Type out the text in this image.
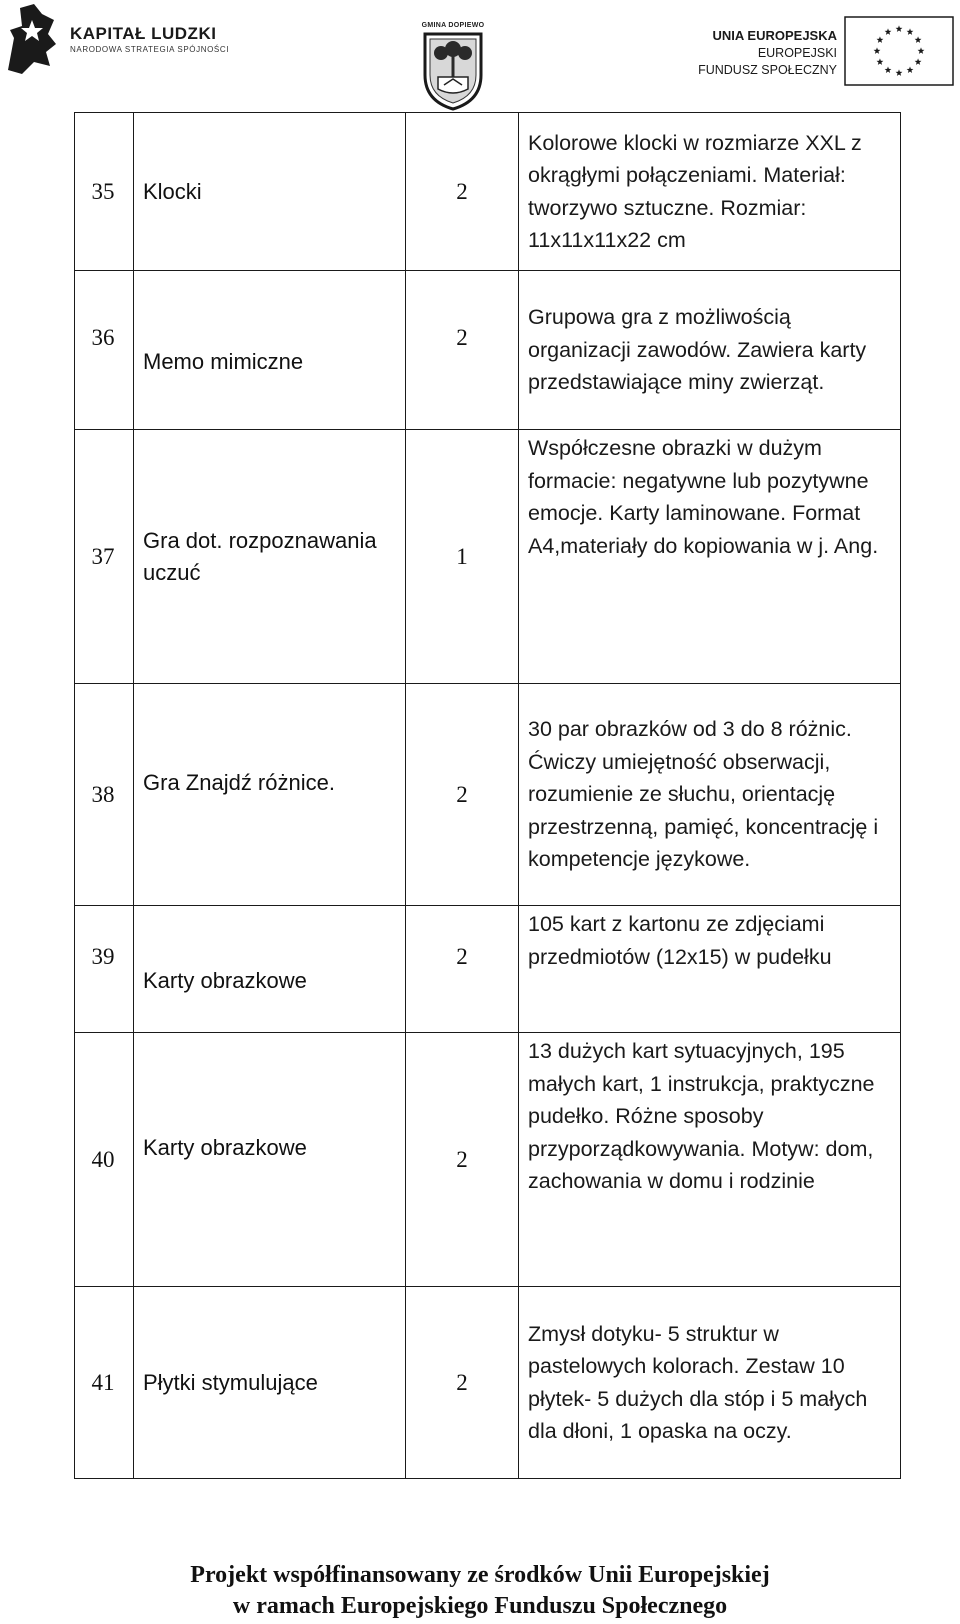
KAPITAŁ LUDZKI
NARODOWA STRATEGIA SPÓJNOŚCI
GMINA DOPIEWO
UNIA EUROPEJSKA
EUROPEJSKI
FUNDUSZ SPOŁECZNY
35	Klocki	2	Kolorowe klocki w rozmiarze XXL z okrągłymi połączeniami. Materiał: tworzywo sztuczne. Rozmiar: 11x11x11x22 cm
36	Memo mimiczne	2	Grupowa gra z możliwością organizacji zawodów. Zawiera karty przedstawiające miny zwierząt.
37	Gra dot. rozpoznawania uczuć	1	Współczesne obrazki w dużym formacie: negatywne lub pozytywne emocje. Karty laminowane. Format A4,materiały do kopiowania w j. Ang.
38	Gra Znajdź różnice.	2	30 par obrazków od 3 do 8 różnic. Ćwiczy umiejętność obserwacji, rozumienie ze słuchu, orientację przestrzenną, pamięć, koncentrację i kompetencje językowe.
39	Karty obrazkowe	2	105 kart z kartonu ze zdjęciami przedmiotów (12x15) w pudełku
40	Karty obrazkowe	2	13 dużych kart sytuacyjnych, 195 małych kart, 1 instrukcja, praktyczne pudełko. Różne sposoby przyporządkowywania. Motyw: dom, zachowania w domu i rodzinie
41	Płytki stymulujące	2	Zmysł dotyku- 5 struktur w pastelowych kolorach. Zestaw 10 płytek- 5 dużych dla stóp i 5 małych dla dłoni, 1 opaska na oczy.
Projekt współfinansowany ze środków Unii Europejskiej
w ramach Europejskiego Funduszu Społecznego
